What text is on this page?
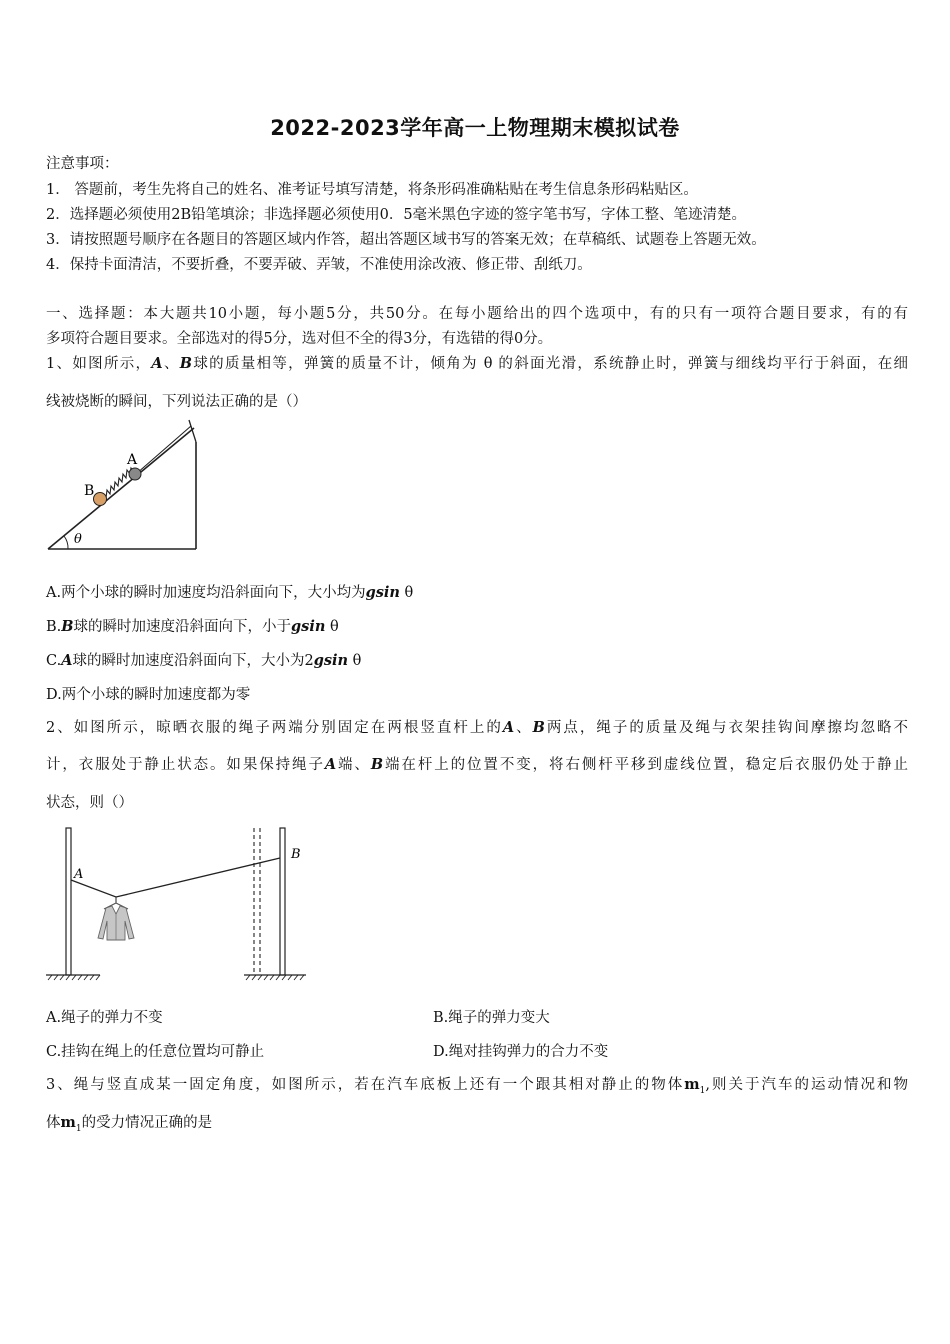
2022-2023学年高一上物理期末模拟试卷
注意事项：
1． 答题前，考生先将自己的姓名、准考证号填写清楚，将条形码准确粘贴在考生信息条形码粘贴区。
2．选择题必须使用2B铅笔填涂；非选择题必须使用0．5毫米黑色字迹的签字笔书写，字体工整、笔迹清楚。
3．请按照题号顺序在各题目的答题区域内作答，超出答题区域书写的答案无效；在草稿纸、试题卷上答题无效。
4．保持卡面清洁，不要折叠，不要弄破、弄皱，不准使用涂改液、修正带、刮纸刀。
一、选择题：本大题共10小题，每小题5分，共50分。在每小题给出的四个选项中，有的只有一项符合题目要求，有的有
多项符合题目要求。全部选对的得5分，选对但不全的得3分，有选错的得0分。
1、如图所示，A、B球的质量相等，弹簧的质量不计，倾角为 θ 的斜面光滑，系统静止时，弹簧与细线均平行于斜面，在细
线被烧断的瞬间，下列说法正确的是（）
A
B
θ
A.两个小球的瞬时加速度均沿斜面向下，大小均为gsin θ
B.B球的瞬时加速度沿斜面向下，小于gsin θ
C.A球的瞬时加速度沿斜面向下，大小为2gsin θ
D.两个小球的瞬时加速度都为零
2、如图所示，晾晒衣服的绳子两端分别固定在两根竖直杆上的A、B两点，绳子的质量及绳与衣架挂钩间摩擦均忽略不
计，衣服处于静止状态。如果保持绳子A端、B端在杆上的位置不变，将右侧杆平移到虚线位置，稳定后衣服仍处于静止
状态，则（）
A
B
A.绳子的弹力不变	B.绳子的弹力变大
C.挂钩在绳上的任意位置均可静止	D.绳对挂钩弹力的合力不变
3、绳与竖直成某一固定角度，如图所示，若在汽车底板上还有一个跟其相对静止的物体$m_1$,则关于汽车的运动情况和物
体$m_1$的受力情况正确的是
